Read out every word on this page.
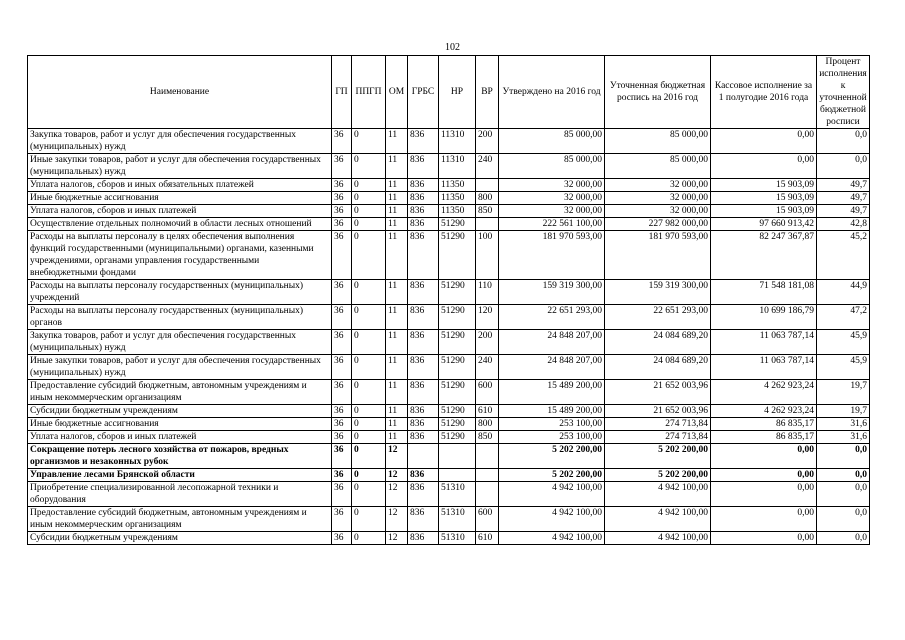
102
Наименование	ГП	ППГП	ОМ	ГРБС	НР	ВР	Утверждено на 2016 год	Уточненная бюджетная роспись на 2016 год	Кассовое исполнение за 1 полугодие 2016 года	Процент исполнения к уточненной бюджетной росписи
Закупка товаров, работ и услуг для обеспечения государственных (муниципальных) нужд	36	0	11	836	11310	200	85 000,00	85 000,00	0,00	0,0
Иные закупки товаров, работ и услуг для обеспечения государственных (муниципальных) нужд	36	0	11	836	11310	240	85 000,00	85 000,00	0,00	0,0
Уплата налогов, сборов и иных обязательных платежей	36	0	11	836	11350		32 000,00	32 000,00	15 903,09	49,7
Иные бюджетные ассигнования	36	0	11	836	11350	800	32 000,00	32 000,00	15 903,09	49,7
Уплата налогов, сборов и иных платежей	36	0	11	836	11350	850	32 000,00	32 000,00	15 903,09	49,7
Осуществление отдельных полномочий в области лесных отношений	36	0	11	836	51290		222 561 100,00	227 982 000,00	97 660 913,42	42,8
Расходы на выплаты персоналу в целях обеспечения выполнения функций государственными (муниципальными) органами, казенными учреждениями, органами управления государственными внебюджетными фондами	36	0	11	836	51290	100	181 970 593,00	181 970 593,00	82 247 367,87	45,2
Расходы на выплаты персоналу государственных (муниципальных) учреждений	36	0	11	836	51290	110	159 319 300,00	159 319 300,00	71 548 181,08	44,9
Расходы на выплаты персоналу государственных (муниципальных) органов	36	0	11	836	51290	120	22 651 293,00	22 651 293,00	10 699 186,79	47,2
Закупка товаров, работ и услуг для обеспечения государственных (муниципальных) нужд	36	0	11	836	51290	200	24 848 207,00	24 084 689,20	11 063 787,14	45,9
Иные закупки товаров, работ и услуг для обеспечения государственных (муниципальных) нужд	36	0	11	836	51290	240	24 848 207,00	24 084 689,20	11 063 787,14	45,9
Предоставление субсидий бюджетным, автономным учреждениям и иным некоммерческим организациям	36	0	11	836	51290	600	15 489 200,00	21 652 003,96	4 262 923,24	19,7
Субсидии бюджетным учреждениям	36	0	11	836	51290	610	15 489 200,00	21 652 003,96	4 262 923,24	19,7
Иные бюджетные ассигнования	36	0	11	836	51290	800	253 100,00	274 713,84	86 835,17	31,6
Уплата налогов, сборов и иных платежей	36	0	11	836	51290	850	253 100,00	274 713,84	86 835,17	31,6
Сокращение потерь лесного хозяйства от пожаров, вредных организмов и незаконных рубок	36	0	12				5 202 200,00	5 202 200,00	0,00	0,0
Управление лесами Брянской области	36	0	12	836			5 202 200,00	5 202 200,00	0,00	0,0
Приобретение специализированной лесопожарной техники и оборудования	36	0	12	836	51310		4 942 100,00	4 942 100,00	0,00	0,0
Предоставление субсидий бюджетным, автономным учреждениям и иным некоммерческим организациям	36	0	12	836	51310	600	4 942 100,00	4 942 100,00	0,00	0,0
Субсидии бюджетным учреждениям	36	0	12	836	51310	610	4 942 100,00	4 942 100,00	0,00	0,0
